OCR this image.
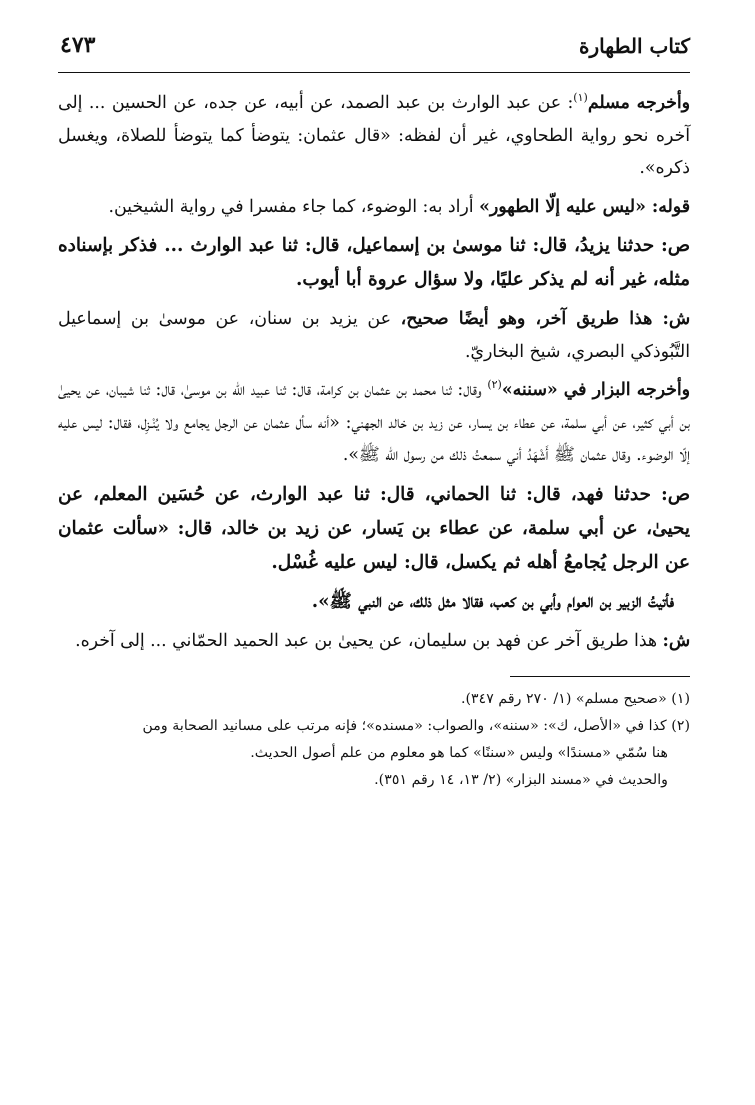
كتاب الطهارة
٤٧٣

وأخرجه مسلم$^{(١)}$: عن عبد الوارث بن عبد الصمد، عن أبيه، عن جده، عن الحسين ... إلى آخره نحو رواية الطحاوي، غير أن لفظه: «قال عثمان: يتوضأ كما يتوضأ للصلاة، ويغسل ذكره».

قوله: «ليس عليه إلّا الطهور» أراد به: الوضوء، كما جاء مفسرا في رواية الشيخين.

ص: حدثنا يزيدُ، قال: ثنا موسىٰ بن إسماعيل، قال: ثنا عبد الوارث ... فذكر بإسناده مثله، غير أنه لم يذكر عليًا، ولا سؤال عروة أبا أيوب.

ش: هذا طريق آخر، وهو أيضًا صحيح، عن يزيد بن سنان، عن موسىٰ بن إسماعيل التَّبُوذكي البصري، شيخ البخاريّ.

وأخرجه البزار في «سننه»$^{(٢)}$ وقال: ثنا محمد بن عثمان بن كرامة، قال: ثنا عبيد الله بن موسىٰ، قال: ثنا شيبان، عن يحيىٰ بن أبي كثير، عن أبي سلمة، عن عطاء بن يسار، عن زيد بن خالد الجهني: «أنه سأل عثمان عن الرجل يجامع ولا يُنْـزِل، فقال: ليس عليه إلّا الوضوء. وقال عثمان ﷺ أَشْهَدُ أني سمعتُ ذلك من رسول الله ﷺ».

ص: حدثنا فهد، قال: ثنا الحماني، قال: ثنا عبد الوارث، عن حُسَين المعلم، عن يحيىٰ، عن أبي سلمة، عن عطاء بن يَسار، عن زيد بن خالد، قال: «سألت عثمان عن الرجل يُجامعُ أهله ثم يكسل، قال: ليس عليه غُسْل.

فأتيتُ الزبير بن العوام وأبي بن كعب، فقالا مثل ذلك، عن النبي ﷺ».

ش: هذا طريق آخر عن فهد بن سليمان، عن يحيىٰ بن عبد الحميد الحمّاني ... إلى آخره.

(١) «صحيح مسلم» (١/ ٢٧٠ رقم ٣٤٧).

(٢) كذا في «الأصل، ك»: «سننه»، والصواب: «مسنده»؛ فإنه مرتب على مسانيد الصحابة ومن

هنا سُمّي «مسندًا» وليس «سننًا» كما هو معلوم من علم أصول الحديث.

والحديث في «مسند البزار» (٢/ ١٣، ١٤ رقم ٣٥١).
